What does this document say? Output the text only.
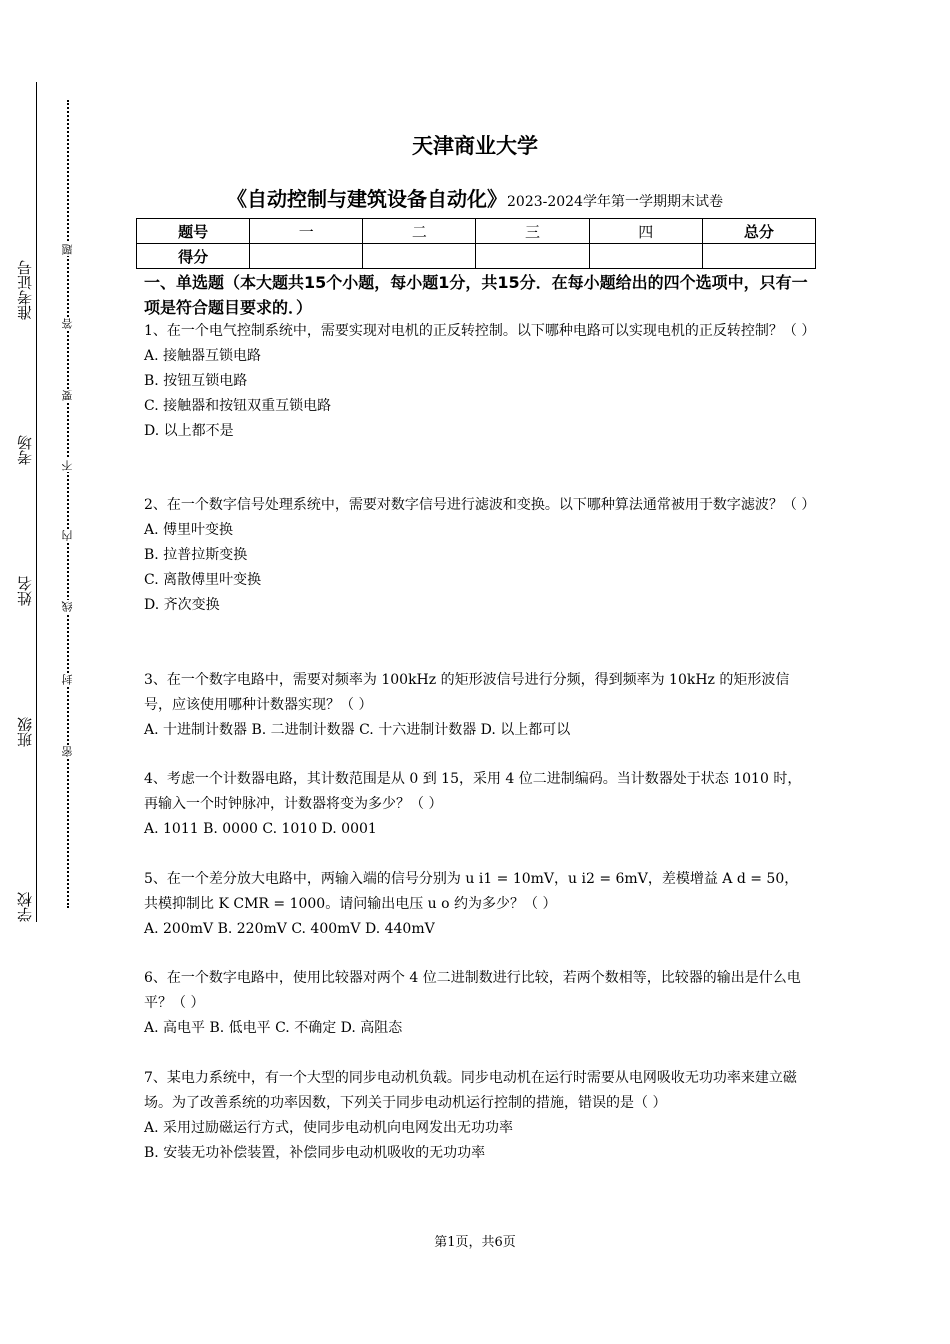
准考证号
考场
姓名
班级
学校
题
答
要
不
内
线
封
密
天津商业大学
《自动控制与建筑设备自动化》2023-2024学年第一学期期末试卷
题号	一	二	三	四	总分
得分					
一、单选题（本大题共15个小题，每小题1分，共15分．在每小题给出的四个选项中，只有一项是符合题目要求的．）

1、在一个电气控制系统中，需要实现对电机的正反转控制。以下哪种电路可以实现电机的正反转控制？（ ）

A. 接触器互锁电路
B. 按钮互锁电路
C. 接触器和按钮双重互锁电路
D. 以上都不是

2、在一个数字信号处理系统中，需要对数字信号进行滤波和变换。以下哪种算法通常被用于数字滤波？（ ）

A. 傅里叶变换
B. 拉普拉斯变换
C. 离散傅里叶变换
D. 齐次变换

3、在一个数字电路中，需要对频率为 100kHz 的矩形波信号进行分频，得到频率为 10kHz 的矩形波信号，应该使用哪种计数器实现？（ ）

A. 十进制计数器 B. 二进制计数器 C. 十六进制计数器 D. 以上都可以

4、考虑一个计数器电路，其计数范围是从 0 到 15，采用 4 位二进制编码。当计数器处于状态 1010 时，再输入一个时钟脉冲，计数器将变为多少？（ ）

A. 1011 B. 0000 C. 1010 D. 0001

5、在一个差分放大电路中，两输入端的信号分别为 u i1 = 10mV，u i2 = 6mV，差模增益 A d = 50，共模抑制比 K CMR = 1000。请问输出电压 u o 约为多少？（ ）

A. 200mV B. 220mV C. 400mV D. 440mV

6、在一个数字电路中，使用比较器对两个 4 位二进制数进行比较，若两个数相等，比较器的输出是什么电平？（ ）

A. 高电平 B. 低电平 C. 不确定 D. 高阻态

7、某电力系统中，有一个大型的同步电动机负载。同步电动机在运行时需要从电网吸收无功功率来建立磁场。为了改善系统的功率因数，下列关于同步电动机运行控制的措施，错误的是（ ）

A. 采用过励磁运行方式，使同步电动机向电网发出无功功率
B. 安装无功补偿装置，补偿同步电动机吸收的无功功率
第1页，共6页
